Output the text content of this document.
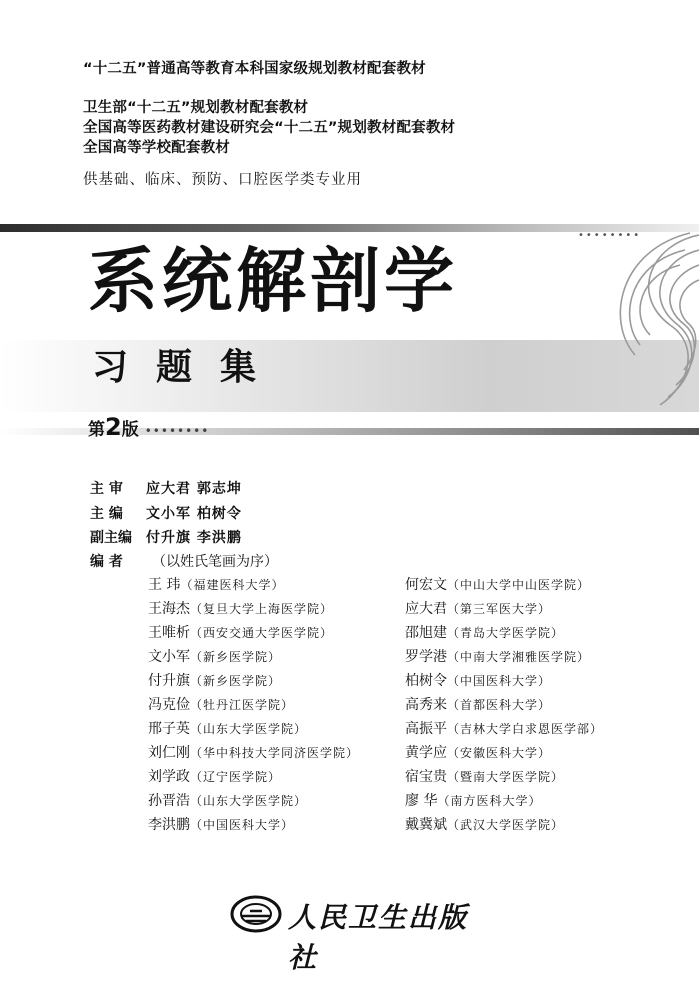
“十二五”普通高等教育本科国家级规划教材配套教材
卫生部“十二五”规划教材配套教材
全国高等医药教材建设研究会“十二五”规划教材配套教材
全国高等学校配套教材
供基础、临床、预防、口腔医学类专业用
••••••••
系统解剖学
习题集
第2版 ••••••••
主 审 应大君 郭志坤
主 编 文小军 柏树令
副主编 付升旗 李洪鹏
编 者 （以姓氏笔画为序）
王 玮（福建医科大学）
王海杰（复旦大学上海医学院）
王唯析（西安交通大学医学院）
文小军（新乡医学院）
付升旗（新乡医学院）
冯克俭（牡丹江医学院）
邢子英（山东大学医学院）
刘仁刚（华中科技大学同济医学院）
刘学政（辽宁医学院）
孙晋浩（山东大学医学院）
李洪鹏（中国医科大学）
何宏文（中山大学中山医学院）
应大君（第三军医大学）
邵旭建（青岛大学医学院）
罗学港（中南大学湘雅医学院）
柏树令（中国医科大学）
高秀来（首都医科大学）
高振平（吉林大学白求恩医学部）
黄学应（安徽医科大学）
宿宝贵（暨南大学医学院）
廖 华（南方医科大学）
戴冀斌（武汉大学医学院）
人民卫生出版社
